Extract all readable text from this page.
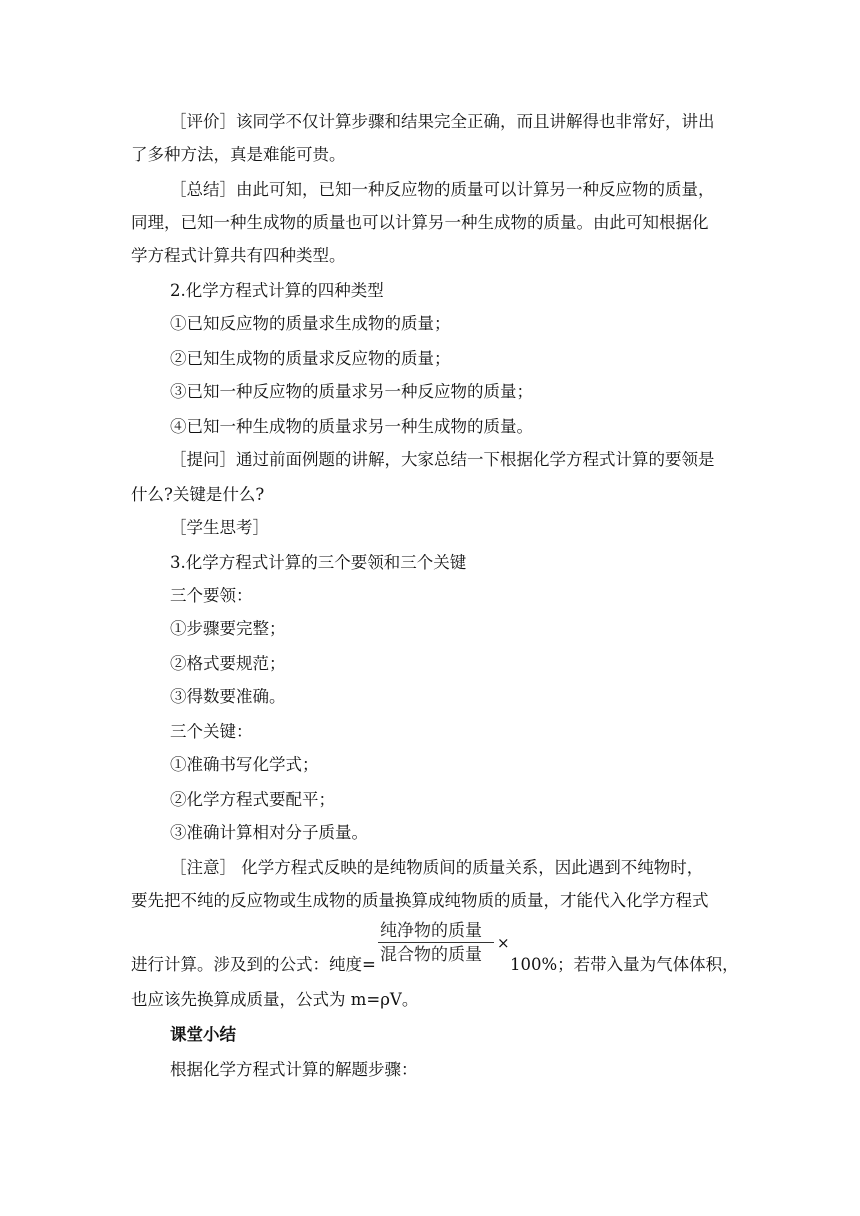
［评价］该同学不仅计算步骤和结果完全正确，而且讲解得也非常好，讲出
了多种方法，真是难能可贵。
［总结］由此可知，已知一种反应物的质量可以计算另一种反应物的质量，
同理，已知一种生成物的质量也可以计算另一种生成物的质量。由此可知根据化
学方程式计算共有四种类型。
2.化学方程式计算的四种类型
①已知反应物的质量求生成物的质量；
②已知生成物的质量求反应物的质量；
③已知一种反应物的质量求另一种反应物的质量；
④已知一种生成物的质量求另一种生成物的质量。
［提问］通过前面例题的讲解，大家总结一下根据化学方程式计算的要领是
什么?关键是什么?
［学生思考］
3.化学方程式计算的三个要领和三个关键
三个要领：
①步骤要完整；
②格式要规范；
③得数要准确。
三个关键：
①准确书写化学式；
②化学方程式要配平；
③准确计算相对分子质量。
［注意］ 化学方程式反映的是纯物质间的质量关系，因此遇到不纯物时，
要先把不纯的反应物或生成物的质量换算成纯物质的质量，才能代入化学方程式
进行计算。涉及到的公式：纯度=
纯净物的质量
混合物的质量
×
100%；若带入量为气体体积，
也应该先换算成质量，公式为 m=ρV。
课堂小结
根据化学方程式计算的解题步骤：
